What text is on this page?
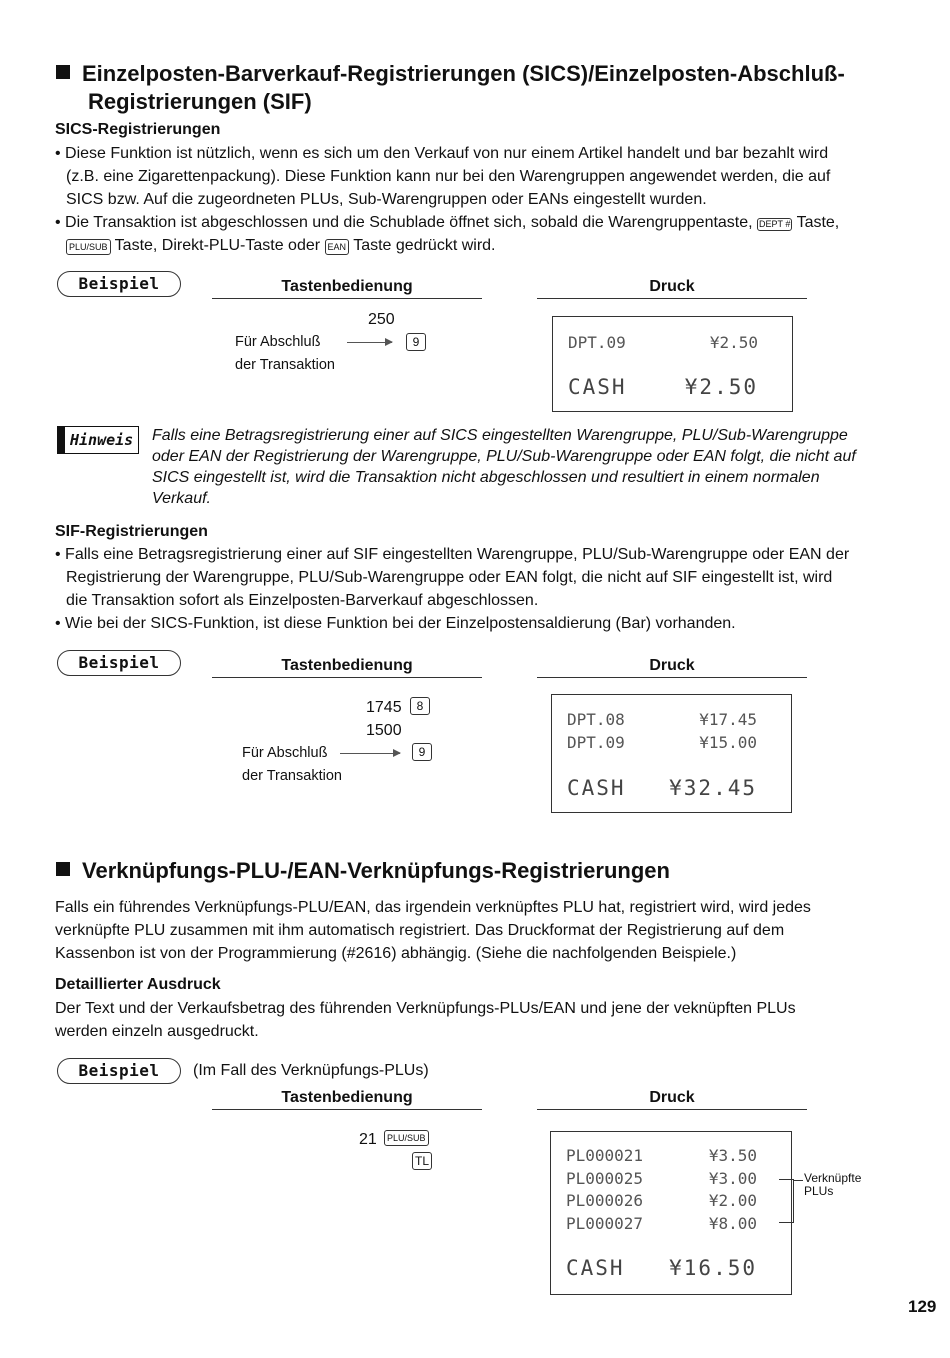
Einzelposten-Barverkauf-Registrierungen (SICS)/Einzelposten-Abschluß-
Registrierungen (SIF)
SICS-Registrierungen
• Diese Funktion ist nützlich, wenn es sich um den Verkauf von nur einem Artikel handelt und bar bezahlt wird
(z.B. eine Zigarettenpackung). Diese Funktion kann nur bei den Warengruppen angewendet werden, die auf
SICS bzw. Auf die zugeordneten PLUs, Sub-Warengruppen oder EANs eingestellt wurden.
• Die Transaktion ist abgeschlossen und die Schublade öffnet sich, sobald die Warengruppentaste, DEPT # Taste,
PLU/SUB Taste, Direkt-PLU-Taste oder EAN Taste gedrückt wird.
Beispiel	Tastenbedienung	Druck
250
Für Abschluß
der Transaktion
9	DPT.09	¥2.50
CASH	¥2.50
Hinweis	Falls eine Betragsregistrierung einer auf SICS eingestellten Warengruppe, PLU/Sub-Warengruppe
oder EAN der Registrierung der Warengruppe, PLU/Sub-Warengruppe oder EAN folgt, die nicht auf
SICS eingestellt ist, wird die Transaktion nicht abgeschlossen und resultiert in einem normalen
Verkauf.
SIF-Registrierungen
• Falls eine Betragsregistrierung einer auf SIF eingestellten Warengruppe, PLU/Sub-Warengruppe oder EAN der
Registrierung der Warengruppe, PLU/Sub-Warengruppe oder EAN folgt, die nicht auf SIF eingestellt ist, wird
die Transaktion sofort als Einzelposten-Barverkauf abgeschlossen.
• Wie bei der SICS-Funktion, ist diese Funktion bei der Einzelpostensaldierung (Bar) vorhanden.
Beispiel	Tastenbedienung	Druck
1745	8
1500
Für Abschluß
der Transaktion
9
DPT.08	¥17.45
DPT.09	¥15.00
CASH ¥32.45
Verknüpfungs-PLU-/EAN-Verknüpfungs-Registrierungen
Falls ein führendes Verknüpfungs-PLU/EAN, das irgendein verknüpftes PLU hat, registriert wird, wird jedes
verknüpfte PLU zusammen mit ihm automatisch registriert. Das Druckformat der Registrierung auf dem
Kassenbon ist von der Programmierung (#2616) abhängig. (Siehe die nachfolgenden Beispiele.)
Detaillierter Ausdruck
Der Text und der Verkaufsbetrag des führenden Verknüpfungs-PLUs/EAN und jene der veknüpften PLUs
werden einzeln ausgedruckt.
Beispiel	(Im Fall des Verknüpfungs-PLUs)
Tastenbedienung	Druck
21	PLU/SUB
TL	PL000021	¥3.50
PL000025	¥3.00
PL000026	¥2.00
PL000027	¥8.00
CASH ¥16.50
Verknüpfte
PLUs
129
